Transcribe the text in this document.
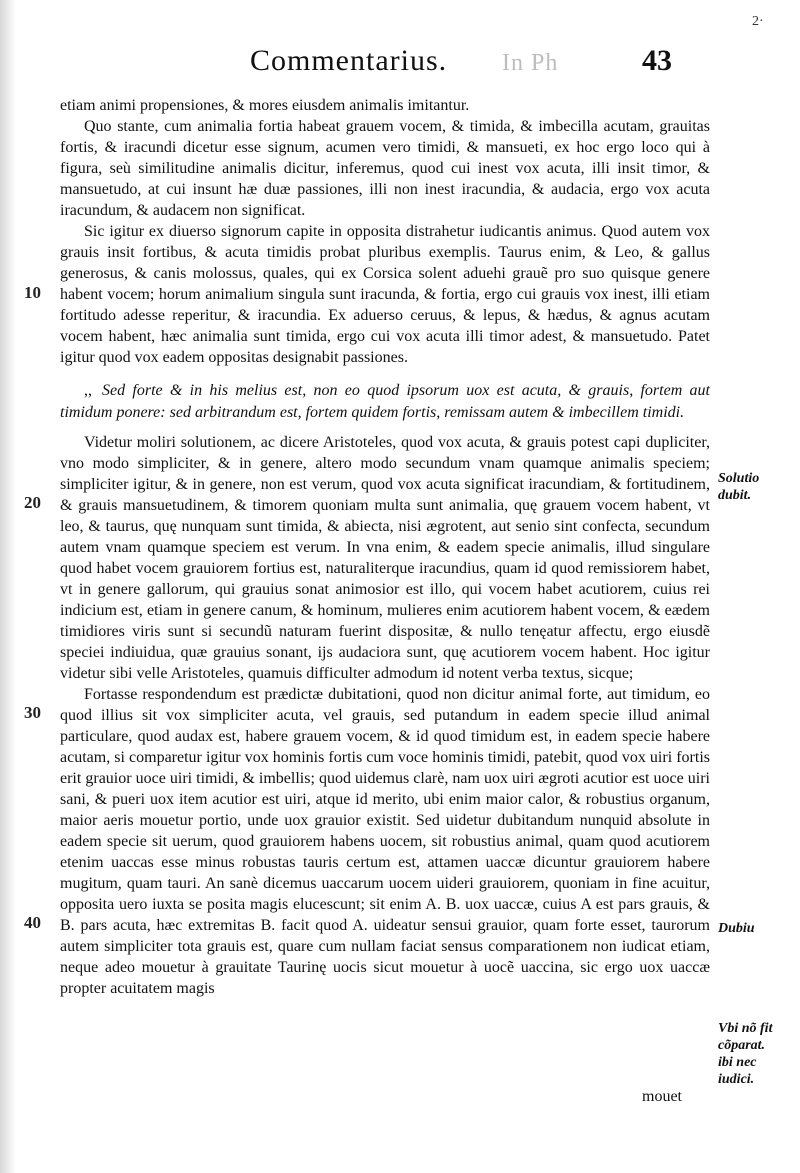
Commentarius. In Ph	43
2·

etiam animi propensiones, & mores eiusdem animalis imitantur.

Quo stante, cum animalia fortia habeat grauem vocem, & timida, & imbecilla acutam, grauitas fortis, & iracundi dicetur esse signum, acumen vero timidi, & mansueti, ex hoc ergo loco qui à figura, seù similitudine animalis dicitur, inferemus, quod cui inest vox acuta, illi insit timor, & mansuetudo, at cui insunt hæ duæ passiones, illi non inest iracundia, & audacia, ergo vox acuta iracundum, & audacem non significat.

Sic igitur ex diuerso signorum capite in opposita distrahetur iudicantis animus. Quod autem vox grauis insit fortibus, & acuta timidis probat pluribus exemplis. Taurus enim, & Leo, & gallus generosus, & canis molossus, quales, qui ex Corsica solent aduehi grauẽ pro suo quisque genere habent vocem; horum animalium singula sunt iracunda, & fortia, ergo cui grauis vox inest, illi etiam fortitudo adesse reperitur, & iracundia. Ex aduerso ceruus, & lepus, & hædus, & agnus acutam vocem habent, hæc animalia sunt timida, ergo cui vox acuta illi timor adest, & mansuetudo. Patet igitur quod vox eadem oppositas designabit passiones.

,, Sed forte & in his melius est, non eo quod ipsorum uox est acuta, & grauis, fortem aut timidum ponere: sed arbitrandum est, fortem quidem fortis, remissam autem & imbecillem timidi.

Videtur moliri solutionem, ac dicere Aristoteles, quod vox acuta, & grauis potest capi dupliciter, vno modo simpliciter, & in genere, altero modo secundum vnam quamque animalis speciem; simpliciter igitur, & in genere, non est verum, quod vox acuta significat iracundiam, & fortitudinem, & grauis mansuetudinem, & timorem quoniam multa sunt animalia, quę grauem vocem habent, vt leo, & taurus, quę nunquam sunt timida, & abiecta, nisi ægrotent, aut senio sint confecta, secundum autem vnam quamque speciem est verum. In vna enim, & eadem specie animalis, illud singulare quod habet vocem grauiorem fortius est, naturaliterque iracundius, quam id quod remissiorem habet, vt in genere gallorum, qui grauius sonat animosior est illo, qui vocem habet acutiorem, cuius rei indicium est, etiam in genere canum, & hominum, mulieres enim acutiorem habent vocem, & eædem timidiores viris sunt si secundũ naturam fuerint dispositæ, & nullo tenęatur affectu, ergo eiusdẽ speciei indiuidua, quæ grauius sonant, ijs audaciora sunt, quę acutiorem vocem habent. Hoc igitur videtur sibi velle Aristoteles, quamuis difficulter admodum id notent verba textus, sicque;

Fortasse respondendum est prædictæ dubitationi, quod non dicitur animal forte, aut timidum, eo quod illius sit vox simpliciter acuta, vel grauis, sed putandum in eadem specie illud animal particulare, quod audax est, habere grauem vocem, & id quod timidum est, in eadem specie habere acutam, si comparetur igitur vox hominis fortis cum voce hominis timidi, patebit, quod vox uiri fortis erit grauior uoce uiri timidi, & imbellis; quod uidemus clarè, nam uox uiri ægroti acutior est uoce uiri sani, & pueri uox item acutior est uiri, atque id merito, ubi enim maior calor, & robustius organum, maior aeris mouetur portio, unde uox grauior existit. Sed uidetur dubitandum nunquid absolute in eadem specie sit uerum, quod grauiorem habens uocem, sit robustius animal, quam quod acutiorem etenim uaccas esse minus robustas tauris certum est, attamen uaccæ dicuntur grauiorem habere mugitum, quam tauri. An sanè dicemus uaccarum uocem uideri grauiorem, quoniam in fine acuitur, opposita uero iuxta se posita magis elucescunt; sit enim A. B. uox uaccæ, cuius A est pars grauis, & B. pars acuta, hæc extremitas B. facit quod A. uideatur sensui grauior, quam forte esset, taurorum autem simpliciter tota grauis est, quare cum nullam faciat sensus comparationem non iudicat etiam, neque adeo mouetur à grauitate Taurinę uocis sicut mouetur à uocẽ uaccina, sic ergo uox uaccæ propter acuitatem magis

10
20
30
40
Solutio dubit.
Dubiu
Vbi nõ fit cõparat. ibi nec iudici.
mouet
